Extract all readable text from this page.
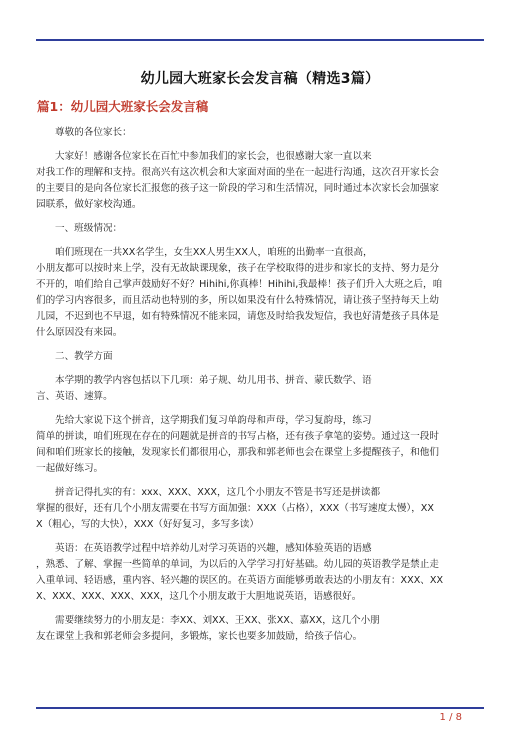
幼儿园大班家长会发言稿（精选3篇）
篇1：幼儿园大班家长会发言稿
尊敬的各位家长：
大家好！感谢各位家长在百忙中参加我们的家长会，也很感谢大家一直以来
对我工作的理解和支持。很高兴有这次机会和大家面对面的坐在一起进行沟通，这次召开家长会
的主要目的是向各位家长汇报您的孩子这一阶段的学习和生活情况，同时通过本次家长会加强家
园联系，做好家校沟通。
一、班级情况：
咱们班现在一共XX名学生，女生XX人男生XX人，咱班的出勤率一直很高，
小朋友都可以按时来上学，没有无故缺课现象，孩子在学校取得的进步和家长的支持、努力是分
不开的，咱们给自己掌声鼓励好不好？Hihihi,你真棒！Hihihi,我最棒！孩子们升入大班之后，咱
们的学习内容很多，而且活动也特别的多，所以如果没有什么特殊情况，请让孩子坚持每天上幼
儿园，不迟到也不早退，如有特殊情况不能来园，请您及时给我发短信，我也好清楚孩子具体是
什么原因没有来园。
二、教学方面
本学期的教学内容包括以下几项：弟子规、幼儿用书、拼音、蒙氏数学、语
言、英语、速算。
先给大家说下这个拼音，这学期我们复习单韵母和声母，学习复韵母，练习
简单的拼读，咱们班现在存在的问题就是拼音的书写占格，还有孩子拿笔的姿势。通过这一段时
间和咱们班家长的接触，发现家长们都很用心，那我和郭老师也会在课堂上多提醒孩子，和他们
一起做好练习。
拼音记得扎实的有：xxx、XXX、XXX，这几个小朋友不管是书写还是拼读都
掌握的很好，还有几个小朋友需要在书写方面加强：XXX（占格），XXX（书写速度太慢），XX
X（粗心，写的大快），XXX（好好复习，多写多读）
英语：在英语教学过程中培养幼儿对学习英语的兴趣，感知体验英语的语感
，熟悉、了解、掌握一些简单的单词，为以后的入学学习打好基础。幼儿园的英语教学是禁止走
入重单词、轻语感，重内容、轻兴趣的误区的。在英语方面能够勇敢表达的小朋友有：XXX、XX
X、XXX、XXX、XXX、XXX，这几个小朋友敢于大胆地说英语，语感很好。
需要继续努力的小朋友是：李XX、刘XX、王XX、张XX、嘉XX，这几个小朋
友在课堂上我和郭老师会多提问，多锻炼，家长也要多加鼓励，给孩子信心。
1 / 8
